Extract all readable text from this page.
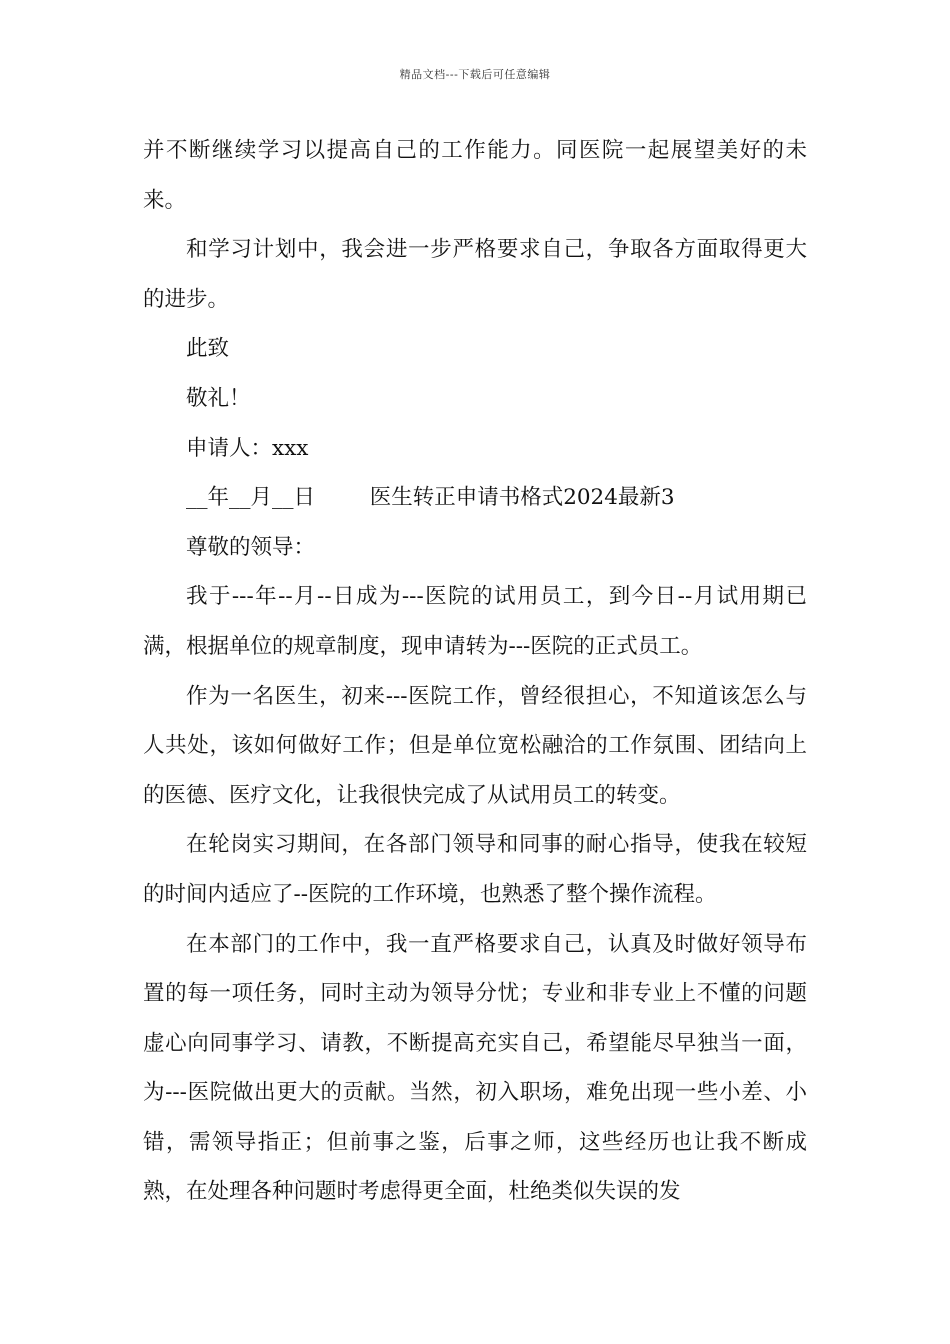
精品文档---下载后可任意编辑

并不断继续学习以提高自己的工作能力。同医院一起展望美好的未来。

和学习计划中，我会进一步严格要求自己，争取各方面取得更大的进步。

此致

敬礼！

申请人：xxx

__年__月__日	医生转正申请书格式2024最新3

尊敬的领导：

我于---年--月--日成为---医院的试用员工，到今日--月试用期已满，根据单位的规章制度，现申请转为---医院的正式员工。

作为一名医生，初来---医院工作，曾经很担心，不知道该怎么与人共处，该如何做好工作；但是单位宽松融洽的工作氛围、团结向上的医德、医疗文化，让我很快完成了从试用员工的转变。

在轮岗实习期间，在各部门领导和同事的耐心指导，使我在较短的时间内适应了--医院的工作环境，也熟悉了整个操作流程。

在本部门的工作中，我一直严格要求自己，认真及时做好领导布置的每一项任务，同时主动为领导分忧；专业和非专业上不懂的问题虚心向同事学习、请教，不断提高充实自己，希望能尽早独当一面，为---医院做出更大的贡献。当然，初入职场，难免出现一些小差、小错，需领导指正；但前事之鉴，后事之师，这些经历也让我不断成熟，在处理各种问题时考虑得更全面，杜绝类似失误的发
